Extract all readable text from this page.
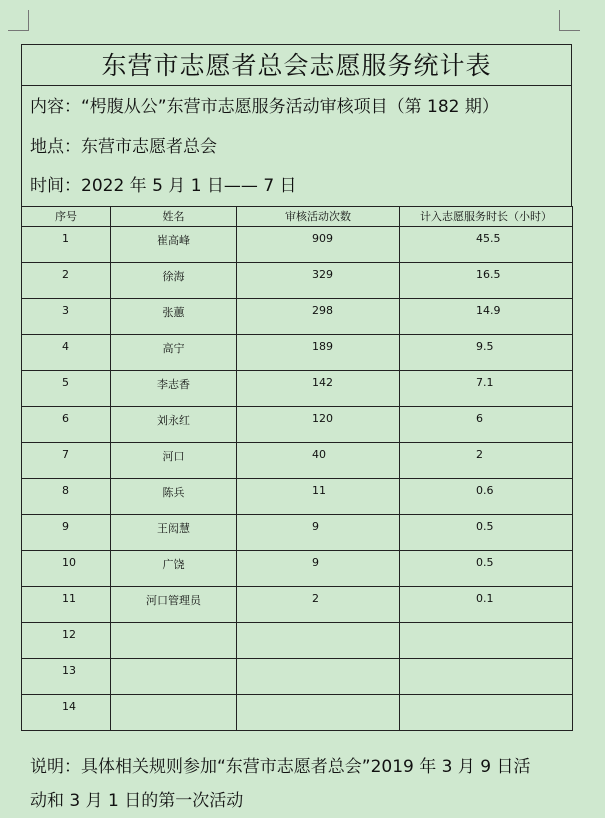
东营市志愿者总会志愿服务统计表
内容：“枵腹从公”东营市志愿服务活动审核项目（第 182 期）
地点：东营市志愿者总会
时间：2022 年 5 月 1 日—— 7 日
序号	姓名	审核活动次数	计入志愿服务时长（小时）
1	崔高峰	909	45.5
2	徐海	329	16.5
3	张蕙	298	14.9
4	高宁	189	9.5
5	李志香	142	7.1
6	刘永红	120	6
7	河口	40	2
8	陈兵	11	0.6
9	王闳慧	9	0.5
10	广饶	9	0.5
11	河口管理员	2	0.1
12			
13			
14			
说明：具体相关规则参加“东营市志愿者总会”2019 年 3 月 9 日活
动和 3 月 1 日的第一次活动
